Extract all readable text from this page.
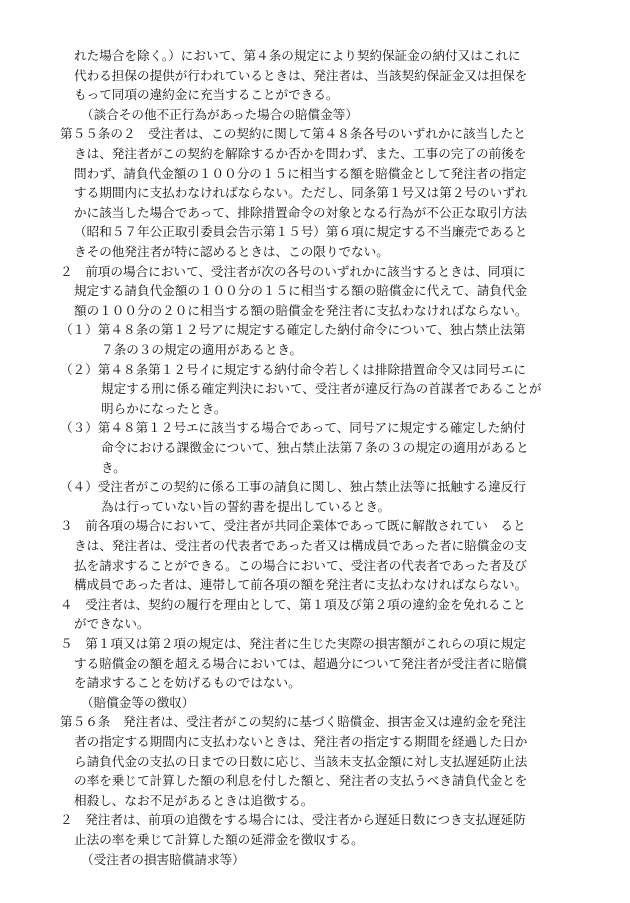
れた場合を除く。）において、第４条の規定により契約保証金の納付又はこれに
代わる担保の提供が行われているときは、発注者は、当該契約保証金又は担保を
もって同項の違約金に充当することができる。
（談合その他不正行為があった場合の賠償金等）
第５５条の２　受注者は、この契約に関して第４８条各号のいずれかに該当したと
きは、発注者がこの契約を解除するか否かを問わず、また、工事の完了の前後を
問わず、請負代金額の１００分の１５に相当する額を賠償金として発注者の指定
する期間内に支払わなければならない。ただし、同条第１号又は第２号のいずれ
かに該当した場合であって、排除措置命令の対象となる行為が不公正な取引方法
（昭和５７年公正取引委員会告示第１５号）第６項に規定する不当廉売であると
きその他発注者が特に認めるときは、この限りでない。
２　前項の場合において、受注者が次の各号のいずれかに該当するときは、同項に
規定する請負代金額の１００分の１５に相当する額の賠償金に代えて、請負代金
額の１００分の２０に相当する額の賠償金を発注者に支払わなければならない。
（１）第４８条の第１２号アに規定する確定した納付命令について、独占禁止法第
７条の３の規定の適用があるとき。
（２）第４８条第１２号イに規定する納付命令若しくは排除措置命令又は同号エに
規定する刑に係る確定判決において、受注者が違反行為の首謀者であることが
明らかになったとき。
（３）第４８第１２号エに該当する場合であって、同号アに規定する確定した納付
命令における課徴金について、独占禁止法第７条の３の規定の適用があると
き。
（４）受注者がこの契約に係る工事の請負に関し、独占禁止法等に抵触する違反行
為は行っていない旨の誓約書を提出しているとき。
３　前各項の場合において、受注者が共同企業体であって既に解散されてい　ると
きは、発注者は、受注者の代表者であった者又は構成員であった者に賠償金の支
払を請求することができる。この場合において、受注者の代表者であった者及び
構成員であった者は、連帯して前各項の額を発注者に支払わなければならない。
４　受注者は、契約の履行を理由として、第１項及び第２項の違約金を免れること
ができない。
５　第１項又は第２項の規定は、発注者に生じた実際の損害額がこれらの項に規定
する賠償金の額を超える場合においては、超過分について発注者が受注者に賠償
を請求することを妨げるものではない。
（賠償金等の徴収）
第５６条　発注者は、受注者がこの契約に基づく賠償金、損害金又は違約金を発注
者の指定する期間内に支払わないときは、発注者の指定する期間を経過した日か
ら請負代金の支払の日までの日数に応じ、当該未支払金額に対し支払遅延防止法
の率を乗じて計算した額の利息を付した額と、発注者の支払うべき請負代金とを
相殺し、なお不足があるときは追徴する。
２　発注者は、前項の追徴をする場合には、受注者から遅延日数につき支払遅延防
止法の率を乗じて計算した額の延滞金を徴収する。
（受注者の損害賠償請求等）
